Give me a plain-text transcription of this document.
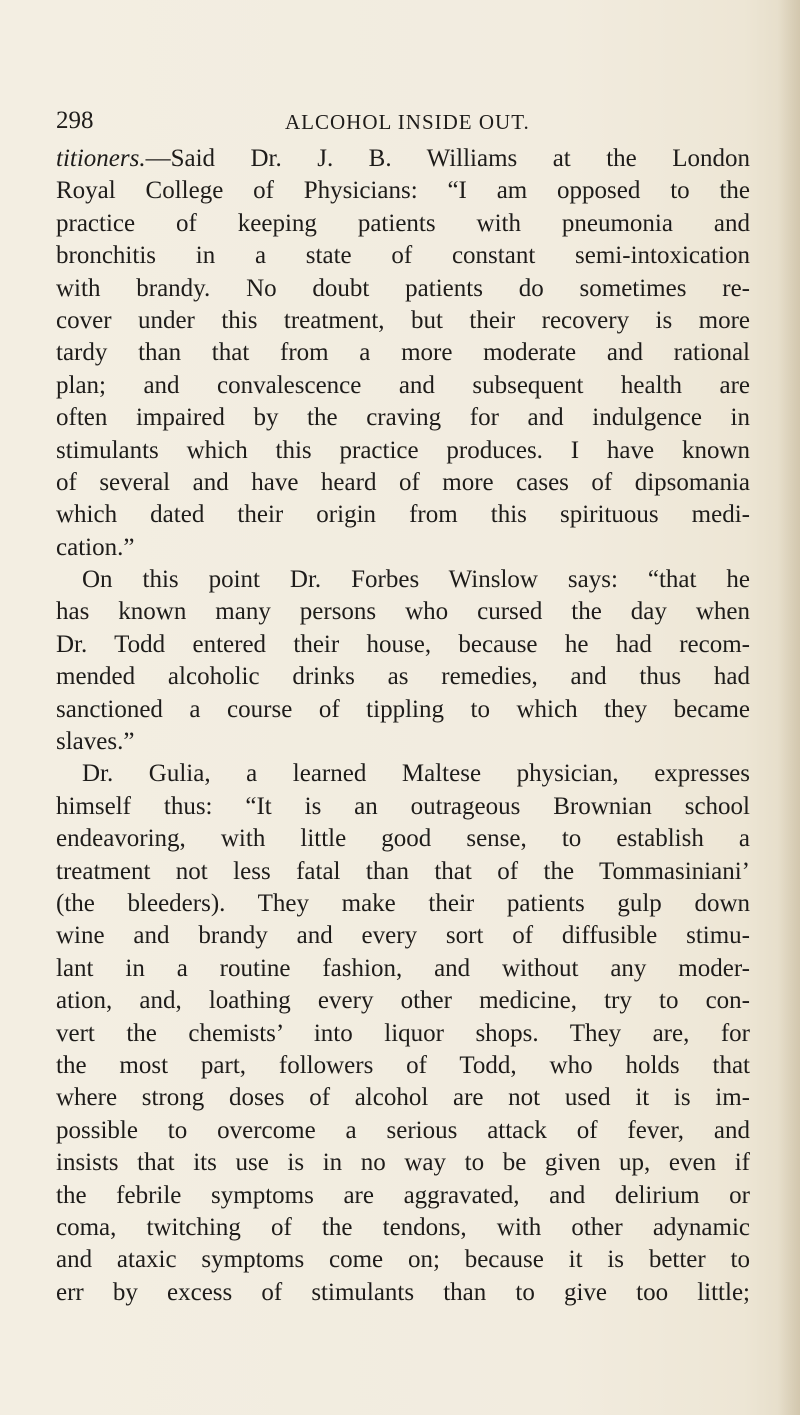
298	ALCOHOL INSIDE OUT.
titioners.—Said Dr. J. B. Williams at the London
Royal College of Physicians: “I am opposed to the
practice of keeping patients with pneumonia and
bronchitis in a state of constant semi-intoxication
with brandy. No doubt patients do sometimes re-
cover under this treatment, but their recovery is more
tardy than that from a more moderate and rational
plan; and convalescence and subsequent health are
often impaired by the craving for and indulgence in
stimulants which this practice produces. I have known
of several and have heard of more cases of dipsomania
which dated their origin from this spirituous medi-
cation.”
On this point Dr. Forbes Winslow says: “that he
has known many persons who cursed the day when
Dr. Todd entered their house, because he had recom-
mended alcoholic drinks as remedies, and thus had
sanctioned a course of tippling to which they became
slaves.”
Dr. Gulia, a learned Maltese physician, expresses
himself thus: “It is an outrageous Brownian school
endeavoring, with little good sense, to establish a
treatment not less fatal than that of the Tommasiniani’
(the bleeders). They make their patients gulp down
wine and brandy and every sort of diffusible stimu-
lant in a routine fashion, and without any moder-
ation, and, loathing every other medicine, try to con-
vert the chemists’ into liquor shops. They are, for
the most part, followers of Todd, who holds that
where strong doses of alcohol are not used it is im-
possible to overcome a serious attack of fever, and
insists that its use is in no way to be given up, even if
the febrile symptoms are aggravated, and delirium or
coma, twitching of the tendons, with other adynamic
and ataxic symptoms come on; because it is better to
err by excess of stimulants than to give too little;
